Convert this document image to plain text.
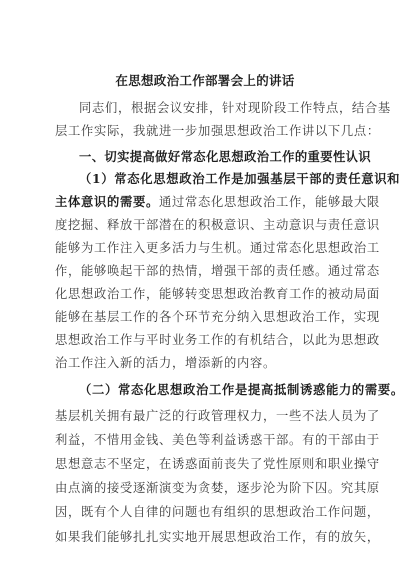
在思想政治工作部署会上的讲话
同志们，根据会议安排，针对现阶段工作特点，结合基
层工作实际，我就进一步加强思想政治工作讲以下几点：
一、切实提高做好常态化思想政治工作的重要性认识
（1）常态化思想政治工作是加强基层干部的责任意识和
主体意识的需要。通过常态化思想政治工作，能够最大限
度挖掘、释放干部潜在的积极意识、主动意识与责任意识
能够为工作注入更多活力与生机。通过常态化思想政治工
作，能够唤起干部的热情，增强干部的责任感。通过常态
化思想政治工作，能够转变思想政治教育工作的被动局面
能够在基层工作的各个环节充分纳入思想政治工作，实现
思想政治工作与平时业务工作的有机结合，以此为思想政
治工作注入新的活力，增添新的内容。
（二）常态化思想政治工作是提高抵制诱惑能力的需要。
基层机关拥有最广泛的行政管理权力，一些不法人员为了
利益，不惜用金钱、美色等利益诱惑干部。有的干部由于
思想意志不坚定，在诱惑面前丧失了党性原则和职业操守
由点滴的接受逐渐演变为贪婪，逐步沦为阶下囚。究其原
因，既有个人自律的问题也有组织的思想政治工作问题，
如果我们能够扎扎实实地开展思想政治工作，有的放矢，
